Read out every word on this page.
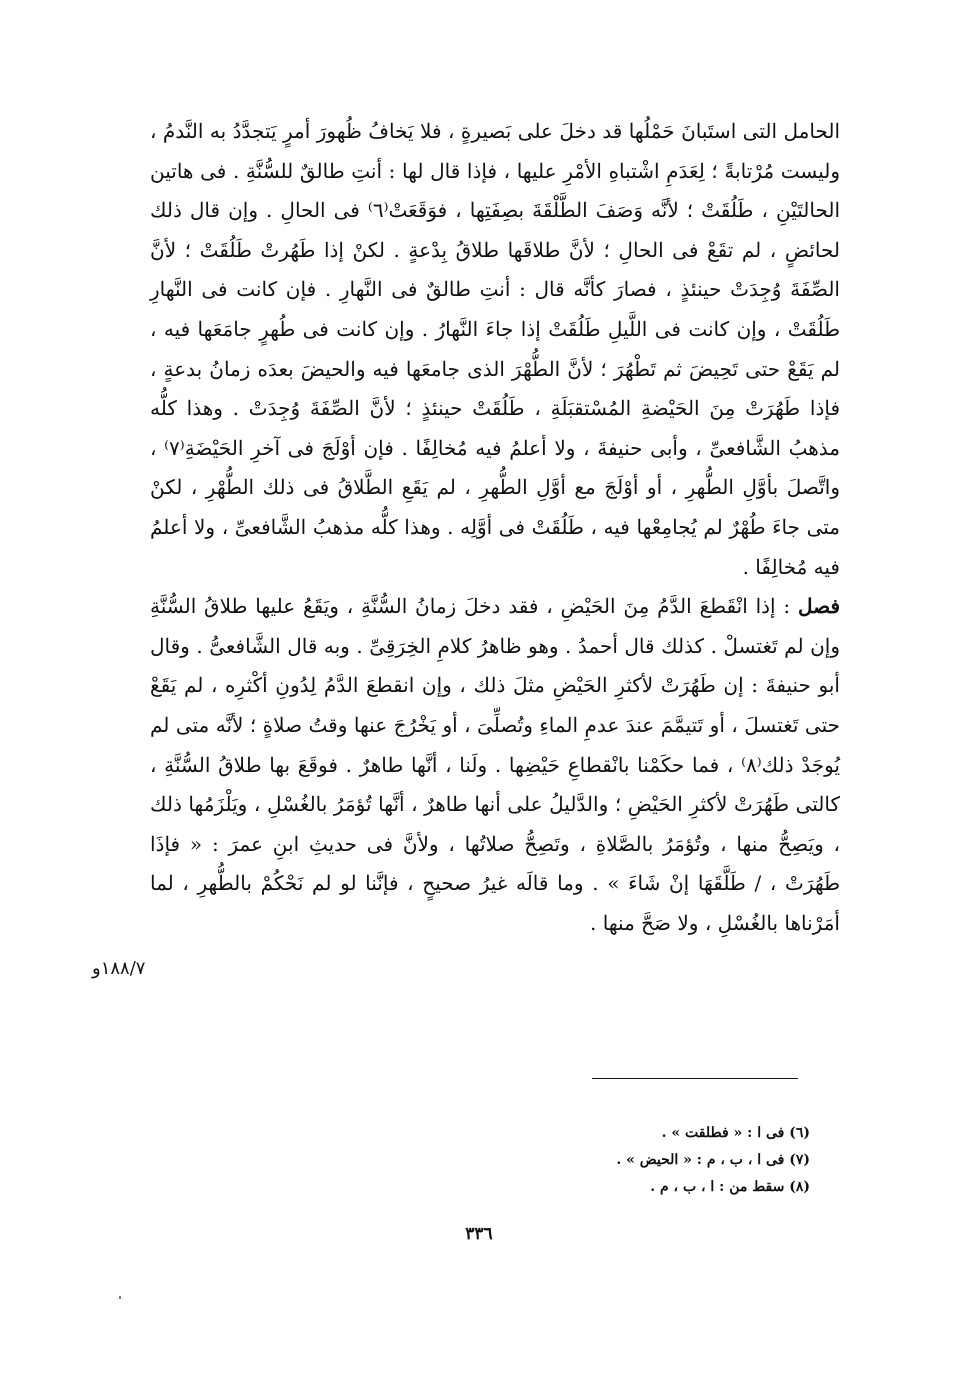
الحامل التى استَبانَ حَمْلُها قد دخلَ على بَصيرةٍ ، فلا يَخافُ ظُهورَ أمرٍ يَتجدَّدُ به النَّدمُ ، وليست مُرْتابةً ؛ لِعَدَمِ اشْتباهِ الأمْرِ عليها ، فإذا قال لها : أنتِ طالقٌ للسُّنَّةِ . فى هاتين الحالتَيْنِ ، طَلُقَتْ ؛ لأنَّه وَصَفَ الطَّلْقَةَ بصِفَتِها ، فوَقَعَتْ⁽٦⁾ فى الحالِ . وإن قال ذلك لحائضٍ ، لم تقَعْ فى الحالِ ؛ لأنَّ طلاقَها طلاقُ بِدْعةٍ . لكنْ إذا طَهُرتْ طَلُقَتْ ؛ لأنَّ الصِّفَةَ وُجِدَتْ حينئذٍ ، فصارَ كأنَّه قال : أنتِ طالقٌ فى النَّهارِ . فإن كانت فى النَّهارِ طَلُقَتْ ، وإن كانت فى اللَّيلِ طَلُقَتْ إذا جاءَ النَّهارُ . وإن كانت فى طُهرٍ جامَعَها فيه ، لم يَقَعْ حتى تَحِيضَ ثم تَطْهُرَ ؛ لأنَّ الطُّهْرَ الذى جامعَها فيه والحيضَ بعدَه زمانُ بدعةٍ ، فإذا طَهُرَتْ مِنَ الحَيْضةِ المُسْتقبَلَةِ ، طَلُقَتْ حينئذٍ ؛ لأنَّ الصِّفَةَ وُجِدَتْ . وهذا كلُّه مذهبُ الشَّافعىِّ ، وأبى حنيفةَ ، ولا أعلمُ فيه مُخالِفًا . فإن أوْلَجَ فى آخرِ الحَيْضَةِ⁽٧⁾ ، واتَّصلَ بأوَّلِ الطُّهرِ ، أو أوْلَجَ مع أوَّلِ الطُّهرِ ، لم يَقَعِ الطَّلاقُ فى ذلك الطُّهْرِ ، لكنْ متى جاءَ طُهْرٌ لم يُجامِعْها فيه ، طَلُقَتْ فى أوَّلِه . وهذا كلُّه مذهبُ الشَّافعىِّ ، ولا أعلمُ فيه مُخالِفًا .

فصل : إذا انْقَطعَ الدَّمُ مِنَ الحَيْضِ ، فقد دخلَ زمانُ السُّنَّةِ ، ويَقَعُ عليها طلاقُ السُّنَّةِ وإن لم تَغتسلْ . كذلك قال أحمدُ . وهو ظاهرُ كلامِ الخِرَقِىِّ . وبه قال الشَّافعىُّ . وقال أبو حنيفةَ : إن طَهُرَتْ لأكثرِ الحَيْضِ مثلَ ذلك ، وإن انقطعَ الدَّمُ لِدُونِ أكْثرِه ، لم يَقَعْ حتى تَغتسلَ ، أو تَتيمَّمَ عندَ عدمِ الماءِ وتُصلِّىَ ، أو يَخْرُجَ عنها وقتُ صلاةٍ ؛ لأنَّه متى لم يُوجَدْ ذلك⁽٨⁾ ، فما حكَمْنا بانْقطاعِ حَيْضِها . ولَنا ، أنَّها طاهرٌ . فوقَعَ بها طلاقُ السُّنَّةِ ، كالتى طَهُرَتْ لأكثرِ الحَيْضِ ؛ والدَّليلُ على أنها طاهرٌ ، أنَّها تُؤمَرُ بالغُسْلِ ، ويَلْزَمُها ذلك ، ويَصِحُّ منها ، وتُؤمَرُ بالصَّلاةِ ، وتَصِحُّ صلاتُها ، ولأنَّ فى حديثِ ابنِ عمرَ : « فإذَا طَهُرَتْ ، / طَلَّقَهَا إنْ شَاءَ » . وما قالَه غيرُ صحيحٍ ، فإنَّنا لو لم نَحْكُمْ بالطُّهرِ ، لما أمَرْناها بالغُسْلِ ، ولا صَحَّ منها .

١٨٨/٧و
(٦) فى ا : « فطلقت » .
(٧) فى ا ، ب ، م : « الحيض » .
(٨) سقط من : ا ، ب ، م .
٣٣٦
